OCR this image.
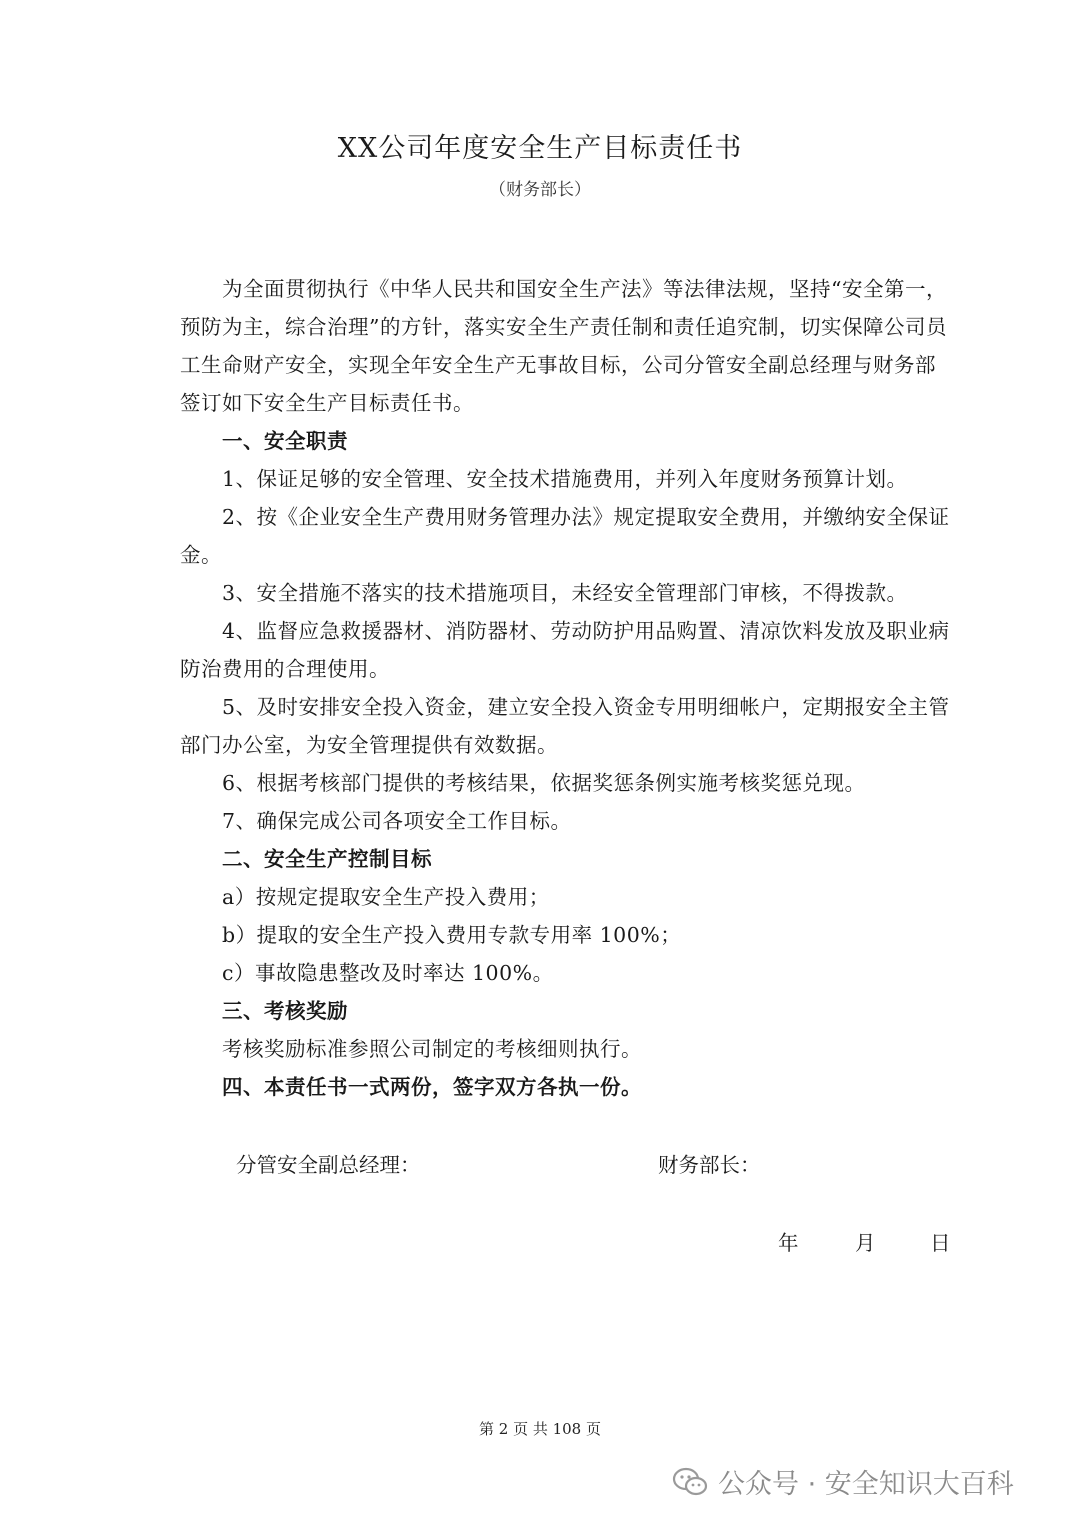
XX公司年度安全生产目标责任书
（财务部长）

为全面贯彻执行《中华人民共和国安全生产法》等法律法规，坚持“安全第一，预防为主，综合治理”的方针，落实安全生产责任制和责任追究制，切实保障公司员工生命财产安全，实现全年安全生产无事故目标，公司分管安全副总经理与财务部签订如下安全生产目标责任书。

一、安全职责

1、保证足够的安全管理、安全技术措施费用，并列入年度财务预算计划。

2、按《企业安全生产费用财务管理办法》规定提取安全费用，并缴纳安全保证金。

3、安全措施不落实的技术措施项目，未经安全管理部门审核，不得拨款。

4、监督应急救援器材、消防器材、劳动防护用品购置、清凉饮料发放及职业病防治费用的合理使用。

5、及时安排安全投入资金，建立安全投入资金专用明细帐户，定期报安全主管部门办公室，为安全管理提供有效数据。

6、根据考核部门提供的考核结果，依据奖惩条例实施考核奖惩兑现。

7、确保完成公司各项安全工作目标。

二、安全生产控制目标

a）按规定提取安全生产投入费用；

b）提取的安全生产投入费用专款专用率 100%；

c）事故隐患整改及时率达 100%。

三、考核奖励

考核奖励标准参照公司制定的考核细则执行。

四、本责任书一式两份，签字双方各执一份。

分管安全副总经理：	财务部长：
年	月	日
第 2 页 共 108 页
公众号 · 安全知识大百科
